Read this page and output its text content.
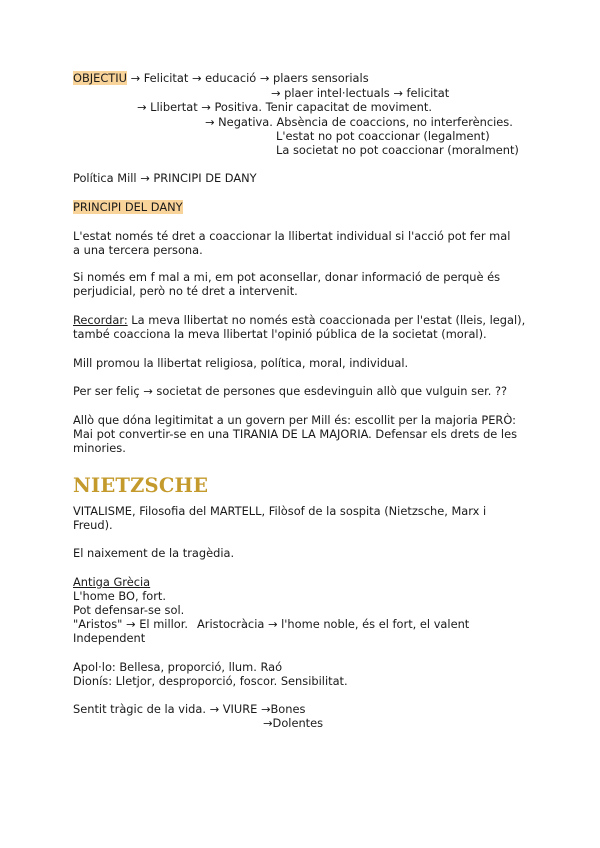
OBJECTIU → Felicitat → educació → plaers sensorials
→ plaer intel·lectuals → felicitat
→ Llibertat → Positiva. Tenir capacitat de moviment.
→ Negativa. Absència de coaccions, no interferències.
L'estat no pot coaccionar (legalment)
La societat no pot coaccionar (moralment)
Política Mill → PRINCIPI DE DANY
PRINCIPI DEL DANY
L'estat només té dret a coaccionar la llibertat individual si l'acció pot fer mal
a una tercera persona.
Si només em f mal a mi, em pot aconsellar, donar informació de perquè és
perjudicial, però no té dret a intervenit.
Recordar: La meva llibertat no només està coaccionada per l'estat (lleis, legal),
també coacciona la meva llibertat l'opinió pública de la societat (moral).
Mill promou la llibertat religiosa, política, moral, individual.
Per ser feliç → societat de persones que esdevinguin allò que vulguin ser. ??
Allò que dóna legitimitat a un govern per Mill és: escollit per la majoria PERÒ:
Mai pot convertir-se en una TIRANIA DE LA MAJORIA. Defensar els drets de les
minories.
NIETZSCHE
VITALISME, Filosofia del MARTELL, Filòsof de la sospita (Nietzsche, Marx i
Freud).
El naixement de la tragèdia.
Antiga Grècia
L'home BO, fort.
Pot defensar-se sol.
"Aristos" → El millor. Aristocràcia → l'home noble, és el fort, el valent
Independent
Apol·lo: Bellesa, proporció, llum. Raó
Dionís: Lletjor, desproporció, foscor. Sensibilitat.
Sentit tràgic de la vida. → VIURE →Bones
→Dolentes
